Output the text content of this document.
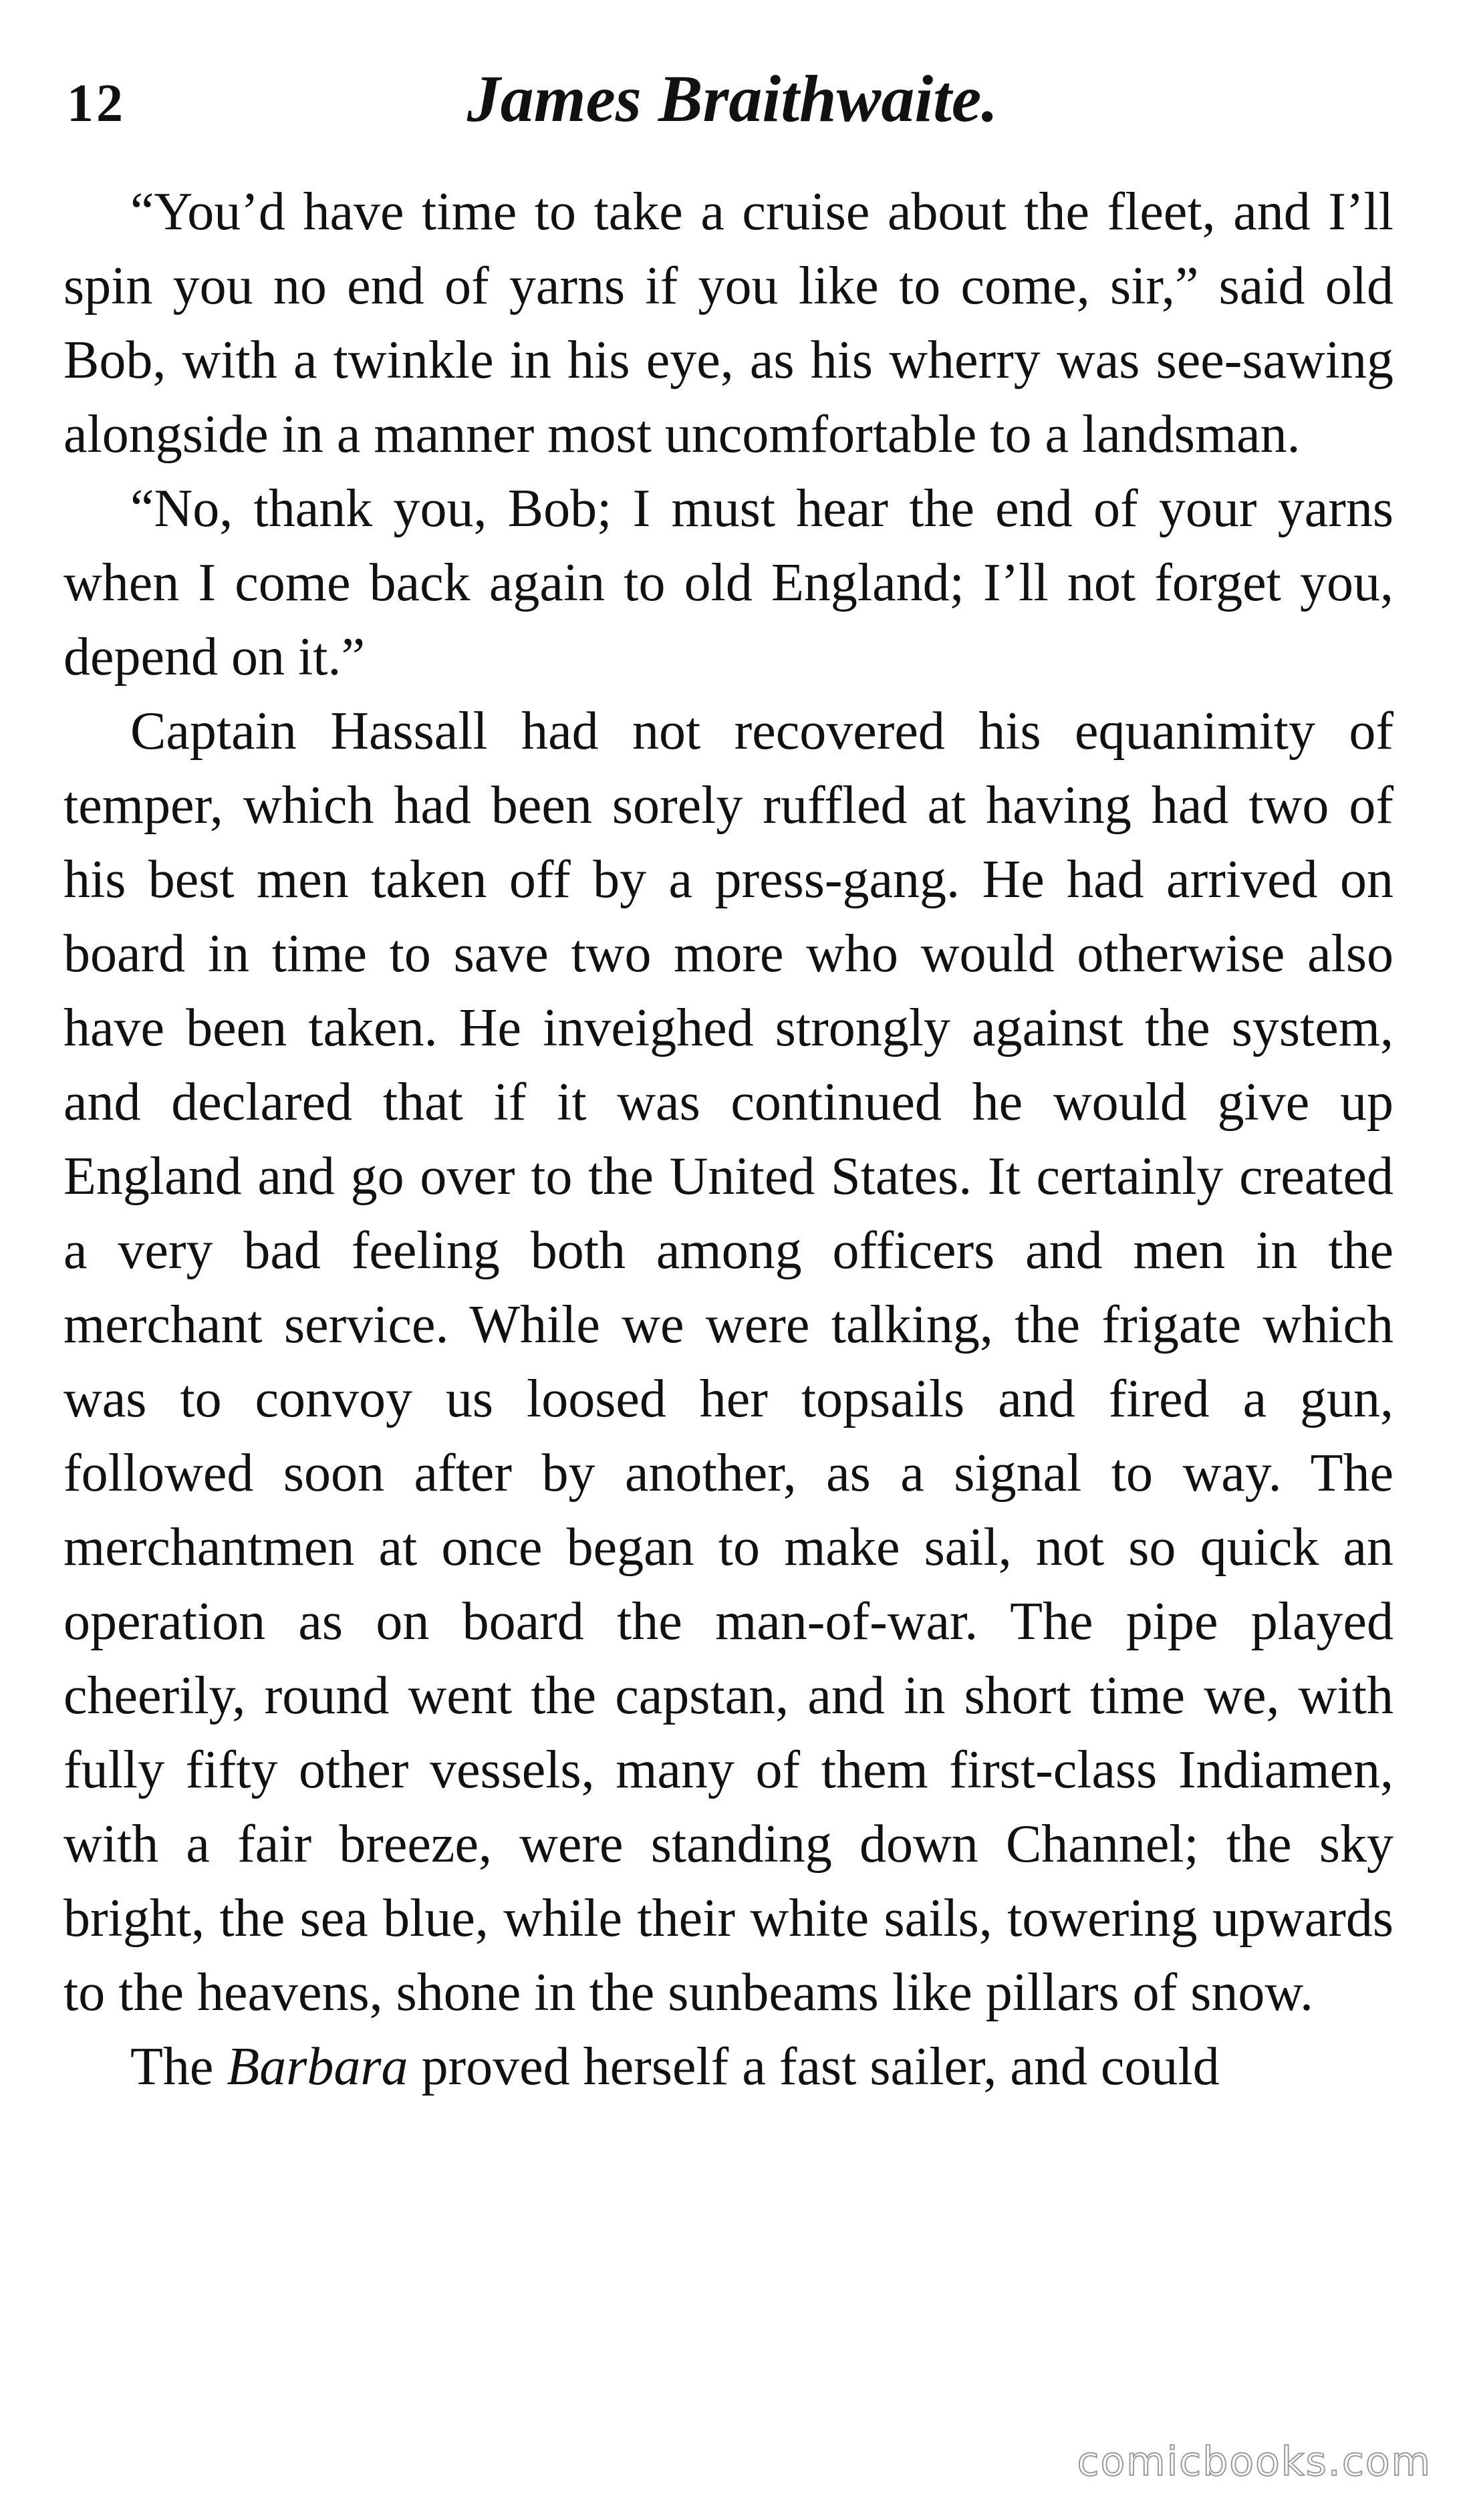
12	James Braithwaite.

“You’d have time to take a cruise about the fleet, and I’ll spin you no end of yarns if you like to come, sir,” said old Bob, with a twinkle in his eye, as his wherry was see-sawing alongside in a manner most uncomfortable to a landsman.

“No, thank you, Bob; I must hear the end of your yarns when I come back again to old England; I’ll not forget you, depend on it.”

Captain Hassall had not recovered his equanimity of temper, which had been sorely ruffled at having had two of his best men taken off by a press-gang. He had arrived on board in time to save two more who would otherwise also have been taken. He inveighed strongly against the system, and declared that if it was continued he would give up England and go over to the United States. It certainly created a very bad feeling both among officers and men in the merchant service. While we were talking, the frigate which was to convoy us loosed her topsails and fired a gun, followed soon after by another, as a signal to way. The merchantmen at once began to make sail, not so quick an operation as on board the man-of-war. The pipe played cheerily, round went the capstan, and in short time we, with fully fifty other vessels, many of them first-class Indiamen, with a fair breeze, were standing down Channel; the sky bright, the sea blue, while their white sails, towering upwards to the heavens, shone in the sunbeams like pillars of snow.

The Barbara proved herself a fast sailer, and could

comicbooks.com
